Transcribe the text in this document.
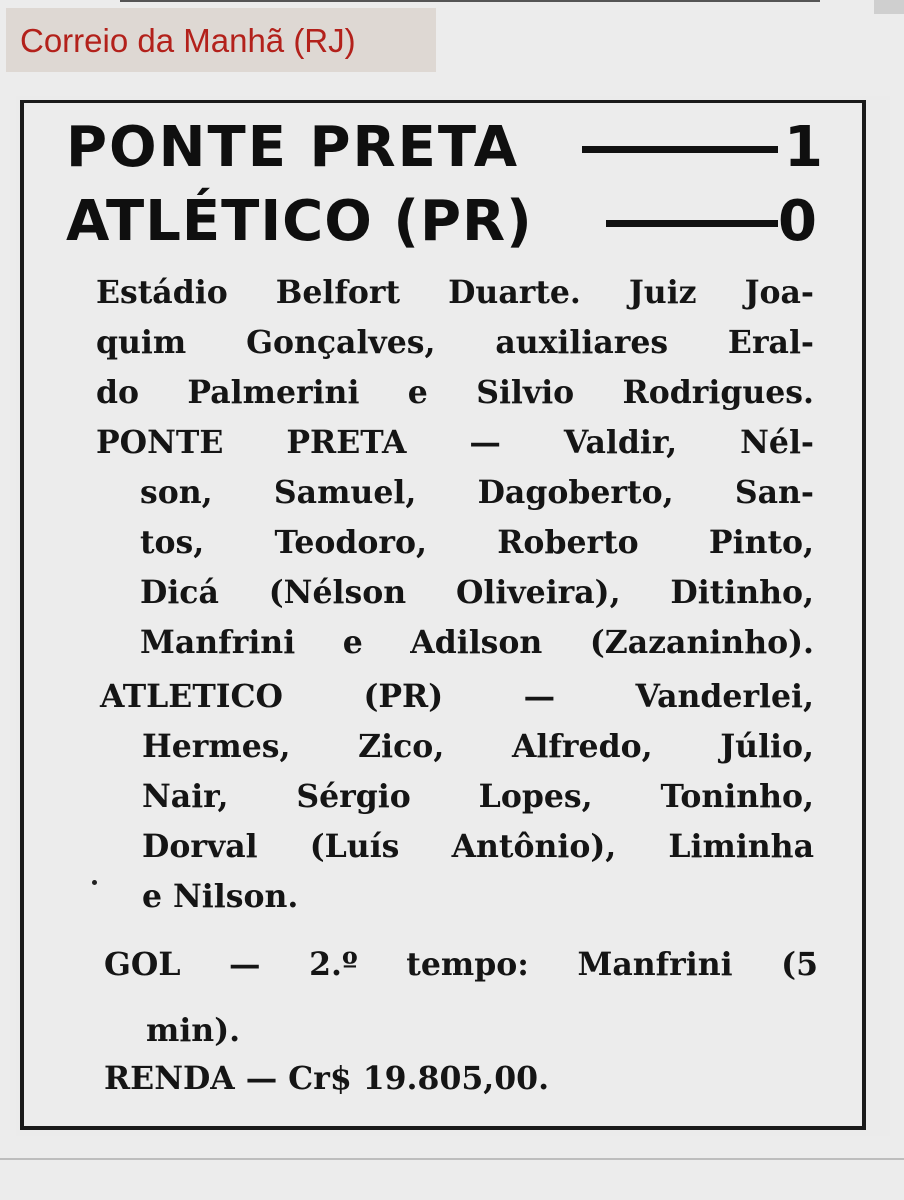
Correio da Manhã (RJ)
PONTE PRETA	1
ATLÉTICO (PR)	0
Estádio Belfort Duarte. Juiz Joa-
quim Gonçalves, auxiliares Eral-
do Palmerini e Silvio Rodrigues.
PONTE PRETA — Valdir, Nél-
son, Samuel, Dagoberto, San-
tos, Teodoro, Roberto Pinto,
Dicá (Nélson Oliveira), Ditinho,
Manfrini e Adilson (Zazaninho).
ATLETICO (PR) — Vanderlei,
Hermes, Zico, Alfredo, Júlio,
Nair, Sérgio Lopes, Toninho,
Dorval (Luís Antônio), Liminha
e Nilson.
GOL — 2.º tempo: Manfrini (5
min).
RENDA — Cr$ 19.805,00.
